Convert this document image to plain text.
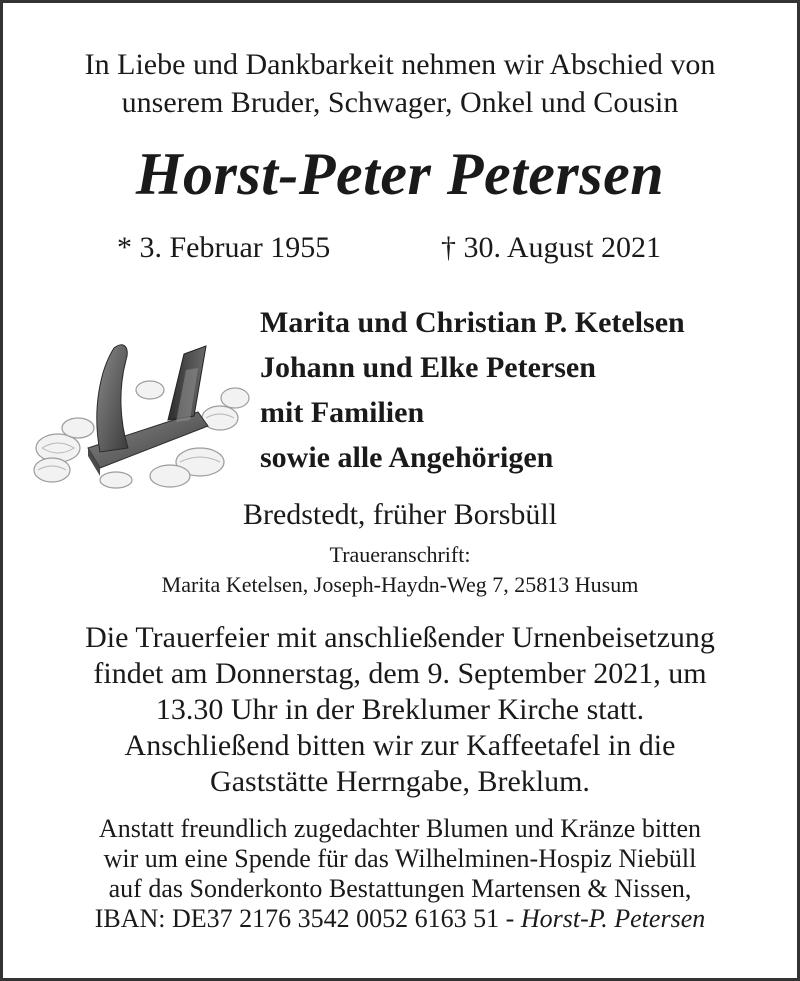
In Liebe und Dankbarkeit nehmen wir Abschied von
unserem Bruder, Schwager, Onkel und Cousin
Horst-Peter Petersen
* 3. Februar 1955	† 30. August 2021
Marita und Christian P. Ketelsen
Johann und Elke Petersen
mit Familien
sowie alle Angehörigen
Bredstedt, früher Borsbüll
Traueranschrift:
Marita Ketelsen, Joseph-Haydn-Weg 7, 25813 Husum
Die Trauerfeier mit anschließender Urnenbeisetzung
findet am Donnerstag, dem 9. September 2021, um
13.30 Uhr in der Breklumer Kirche statt.
Anschließend bitten wir zur Kaffeetafel in die
Gaststätte Herrngabe, Breklum.
Anstatt freundlich zugedachter Blumen und Kränze bitten
wir um eine Spende für das Wilhelminen-Hospiz Niebüll
auf das Sonderkonto Bestattungen Martensen & Nissen,
IBAN: DE37 2176 3542 0052 6163 51 - Horst-P. Petersen
